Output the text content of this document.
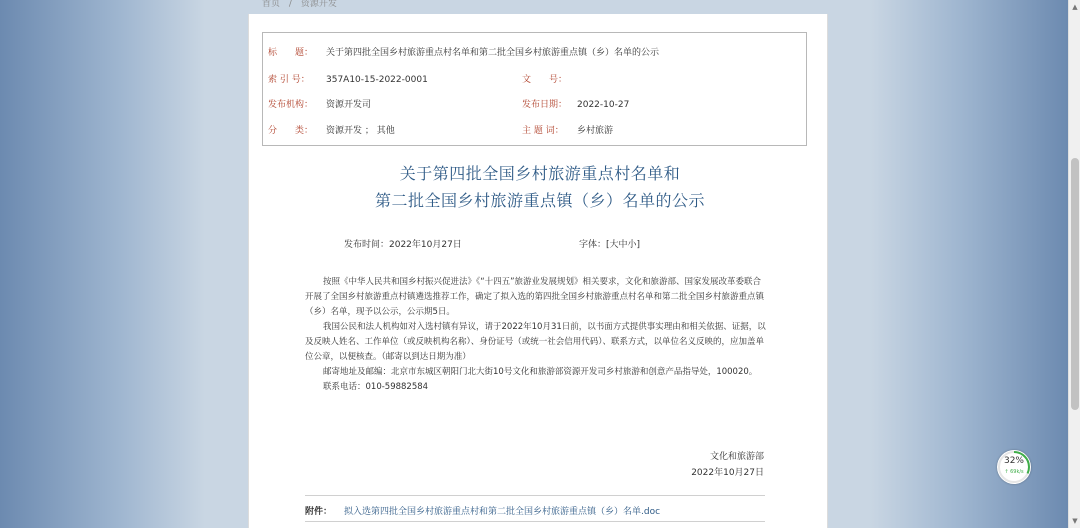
首页 / 资源开发
标　　题： 关于第四批全国乡村旅游重点村名单和第二批全国乡村旅游重点镇（乡）名单的公示
索 引 号： 357A10-15-2022-0001	文　　号：
发布机构： 资源开发司	发布日期： 2022-10-27
分　　类： 资源开发 ； 其他	主 题 词： 乡村旅游
关于第四批全国乡村旅游重点村名单和
第二批全国乡村旅游重点镇（乡）名单的公示
发布时间：2022年10月27日	字体：[大中小]

按照《中华人民共和国乡村振兴促进法》《“十四五”旅游业发展规划》相关要求，文化和旅游部、国家发展改革委联合开展了全国乡村旅游重点村镇遴选推荐工作，确定了拟入选的第四批全国乡村旅游重点村名单和第二批全国乡村旅游重点镇（乡）名单，现予以公示，公示期5日。

我国公民和法人机构如对入选村镇有异议，请于2022年10月31日前，以书面方式提供事实理由和相关依据、证据，以及反映人姓名、工作单位（或反映机构名称）、身份证号（或统一社会信用代码）、联系方式，以单位名义反映的，应加盖单位公章，以便核查。（邮寄以到达日期为准）

邮寄地址及邮编：北京市东城区朝阳门北大街10号文化和旅游部资源开发司乡村旅游和创意产品指导处，100020。

联系电话：010-59882584

文化和旅游部
2022年10月27日
附件： 拟入选第四批全国乡村旅游重点村和第二批全国乡村旅游重点镇（乡）名单.doc
▲
▼
32%
↑ 69k/s
